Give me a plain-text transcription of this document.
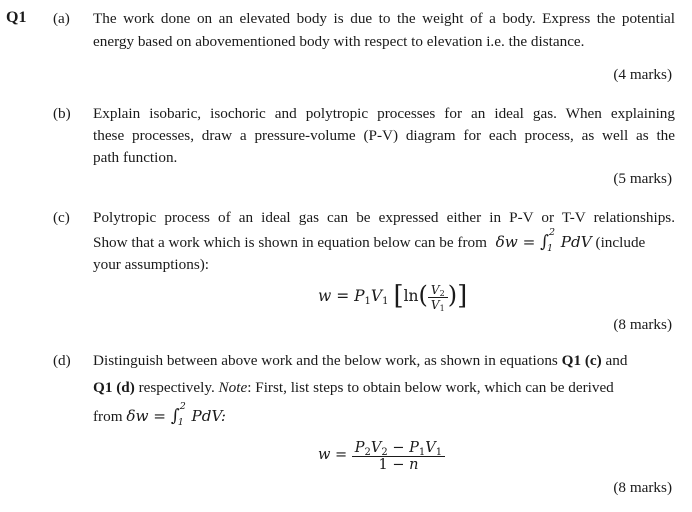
Q1 (a) The work done on an elevated body is due to the weight of a body. Express the potential
energy based on abovementioned body with respect to elevation i.e. the distance.
(4 marks)
(b) Explain isobaric, isochoric and polytropic processes for an ideal gas. When explaining
these processes, draw a pressure-volume (P-V) diagram for each process, as well as the
path function.
(5 marks)
(c) Polytropic process of an ideal gas can be expressed either in P-V or T-V relationships.
Show that a work which is shown in equation below can be from  δw = ∫ 2
1 PdV (include
your assumptions):
w = P1V1 [$\ln( \frac{V2}{V1}$ )]
(8 marks)
(d) Distinguish between above work and the below work, as shown in equations Q1 (c) and
Q1 (d) respectively. Note: First, list steps to obtain below work, which can be derived
from δw = ∫ 2
1 PdV:
$w = \frac{P_2V_2 - P_1V_1}{1 - n}$
(8 marks)
